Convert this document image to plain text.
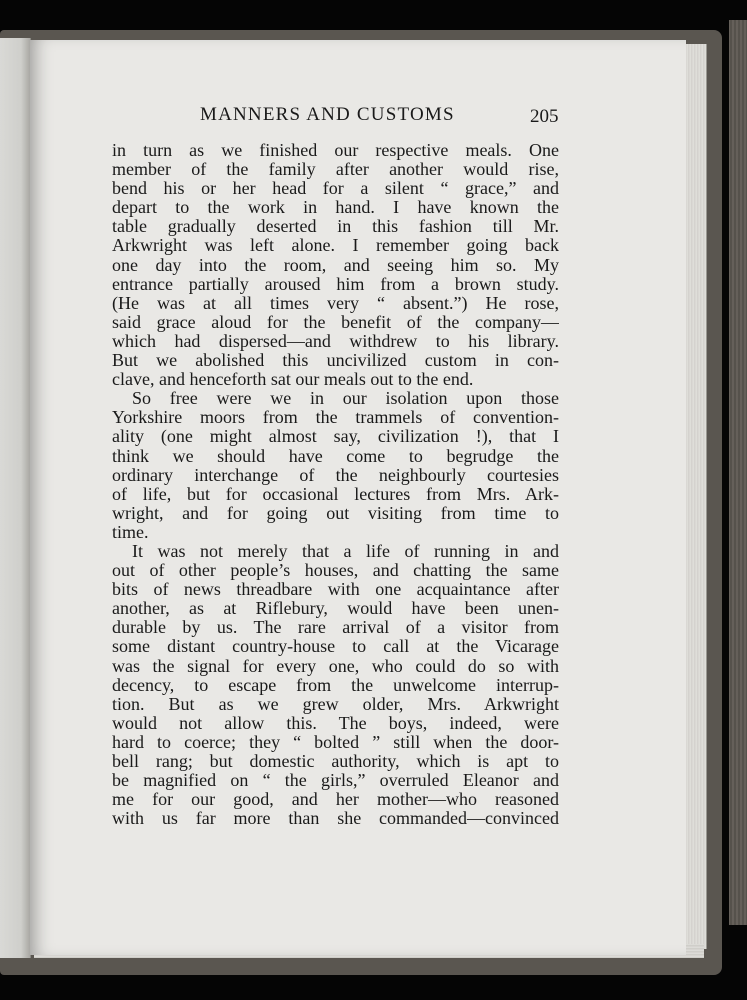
MANNERS AND CUSTOMS	205
in turn as we finished our respective meals. One
member of the family after another would rise,
bend his or her head for a silent “ grace,” and
depart to the work in hand. I have known the
table gradually deserted in this fashion till Mr.
Arkwright was left alone. I remember going back
one day into the room, and seeing him so. My
entrance partially aroused him from a brown study.
(He was at all times very “ absent.”) He rose,
said grace aloud for the benefit of the company—
which had dispersed—and withdrew to his library.
But we abolished this uncivilized custom in con-
clave, and henceforth sat our meals out to the end.
So free were we in our isolation upon those
Yorkshire moors from the trammels of convention-
ality (one might almost say, civilization !), that I
think we should have come to begrudge the
ordinary interchange of the neighbourly courtesies
of life, but for occasional lectures from Mrs. Ark-
wright, and for going out visiting from time to
time.
It was not merely that a life of running in and
out of other people’s houses, and chatting the same
bits of news threadbare with one acquaintance after
another, as at Riflebury, would have been unen-
durable by us. The rare arrival of a visitor from
some distant country-house to call at the Vicarage
was the signal for every one, who could do so with
decency, to escape from the unwelcome interrup-
tion. But as we grew older, Mrs. Arkwright
would not allow this. The boys, indeed, were
hard to coerce; they “ bolted ” still when the door-
bell rang; but domestic authority, which is apt to
be magnified on “ the girls,” overruled Eleanor and
me for our good, and her mother—who reasoned
with us far more than she commanded—convinced
